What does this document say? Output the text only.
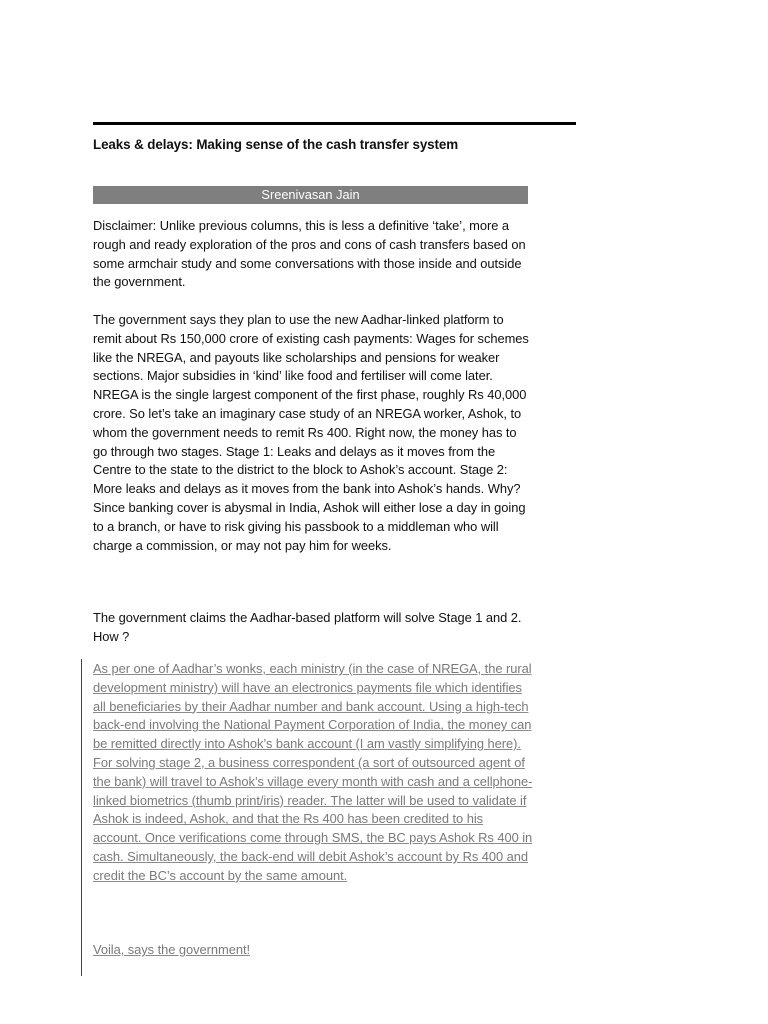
Leaks & delays: Making sense of the cash transfer system
Sreenivasan Jain

Disclaimer: Unlike previous columns, this is less a definitive ‘take’, more a rough and ready exploration of the pros and cons of cash transfers based on some armchair study and some conversations with those inside and outside the government.

The government says they plan to use the new Aadhar-linked platform to remit about Rs 150,000 crore of existing cash payments: Wages for schemes like the NREGA, and payouts like scholarships and pensions for weaker sections. Major subsidies in ‘kind’ like food and fertiliser will come later. NREGA is the single largest component of the first phase, roughly Rs 40,000 crore. So let’s take an imaginary case study of an NREGA worker, Ashok, to whom the government needs to remit Rs 400. Right now, the money has to go through two stages. Stage 1: Leaks and delays as it moves from the Centre to the state to the district to the block to Ashok’s account. Stage 2: More leaks and delays as it moves from the bank into Ashok’s hands. Why? Since banking cover is abysmal in India, Ashok will either lose a day in going to a branch, or have to risk giving his passbook to a middleman who will charge a commission, or may not pay him for weeks.

The government claims the Aadhar-based platform will solve Stage 1 and 2. How ?

As per one of Aadhar’s wonks, each ministry (in the case of NREGA, the rural development ministry) will have an electronics payments file which identifies all beneficiaries by their Aadhar number and bank account. Using a high-tech back-end involving the National Payment Corporation of India, the money can be remitted directly into Ashok’s bank account (I am vastly simplifying here). For solving stage 2, a business correspondent (a sort of outsourced agent of the bank) will travel to Ashok’s village every month with cash and a cellphone-linked biometrics (thumb print/iris) reader. The latter will be used to validate if Ashok is indeed, Ashok, and that the Rs 400 has been credited to his account. Once verifications come through SMS, the BC pays Ashok Rs 400 in cash. Simultaneously, the back-end will debit Ashok’s account by Rs 400 and credit the BC’s account by the same amount.

Voila, says the government!
